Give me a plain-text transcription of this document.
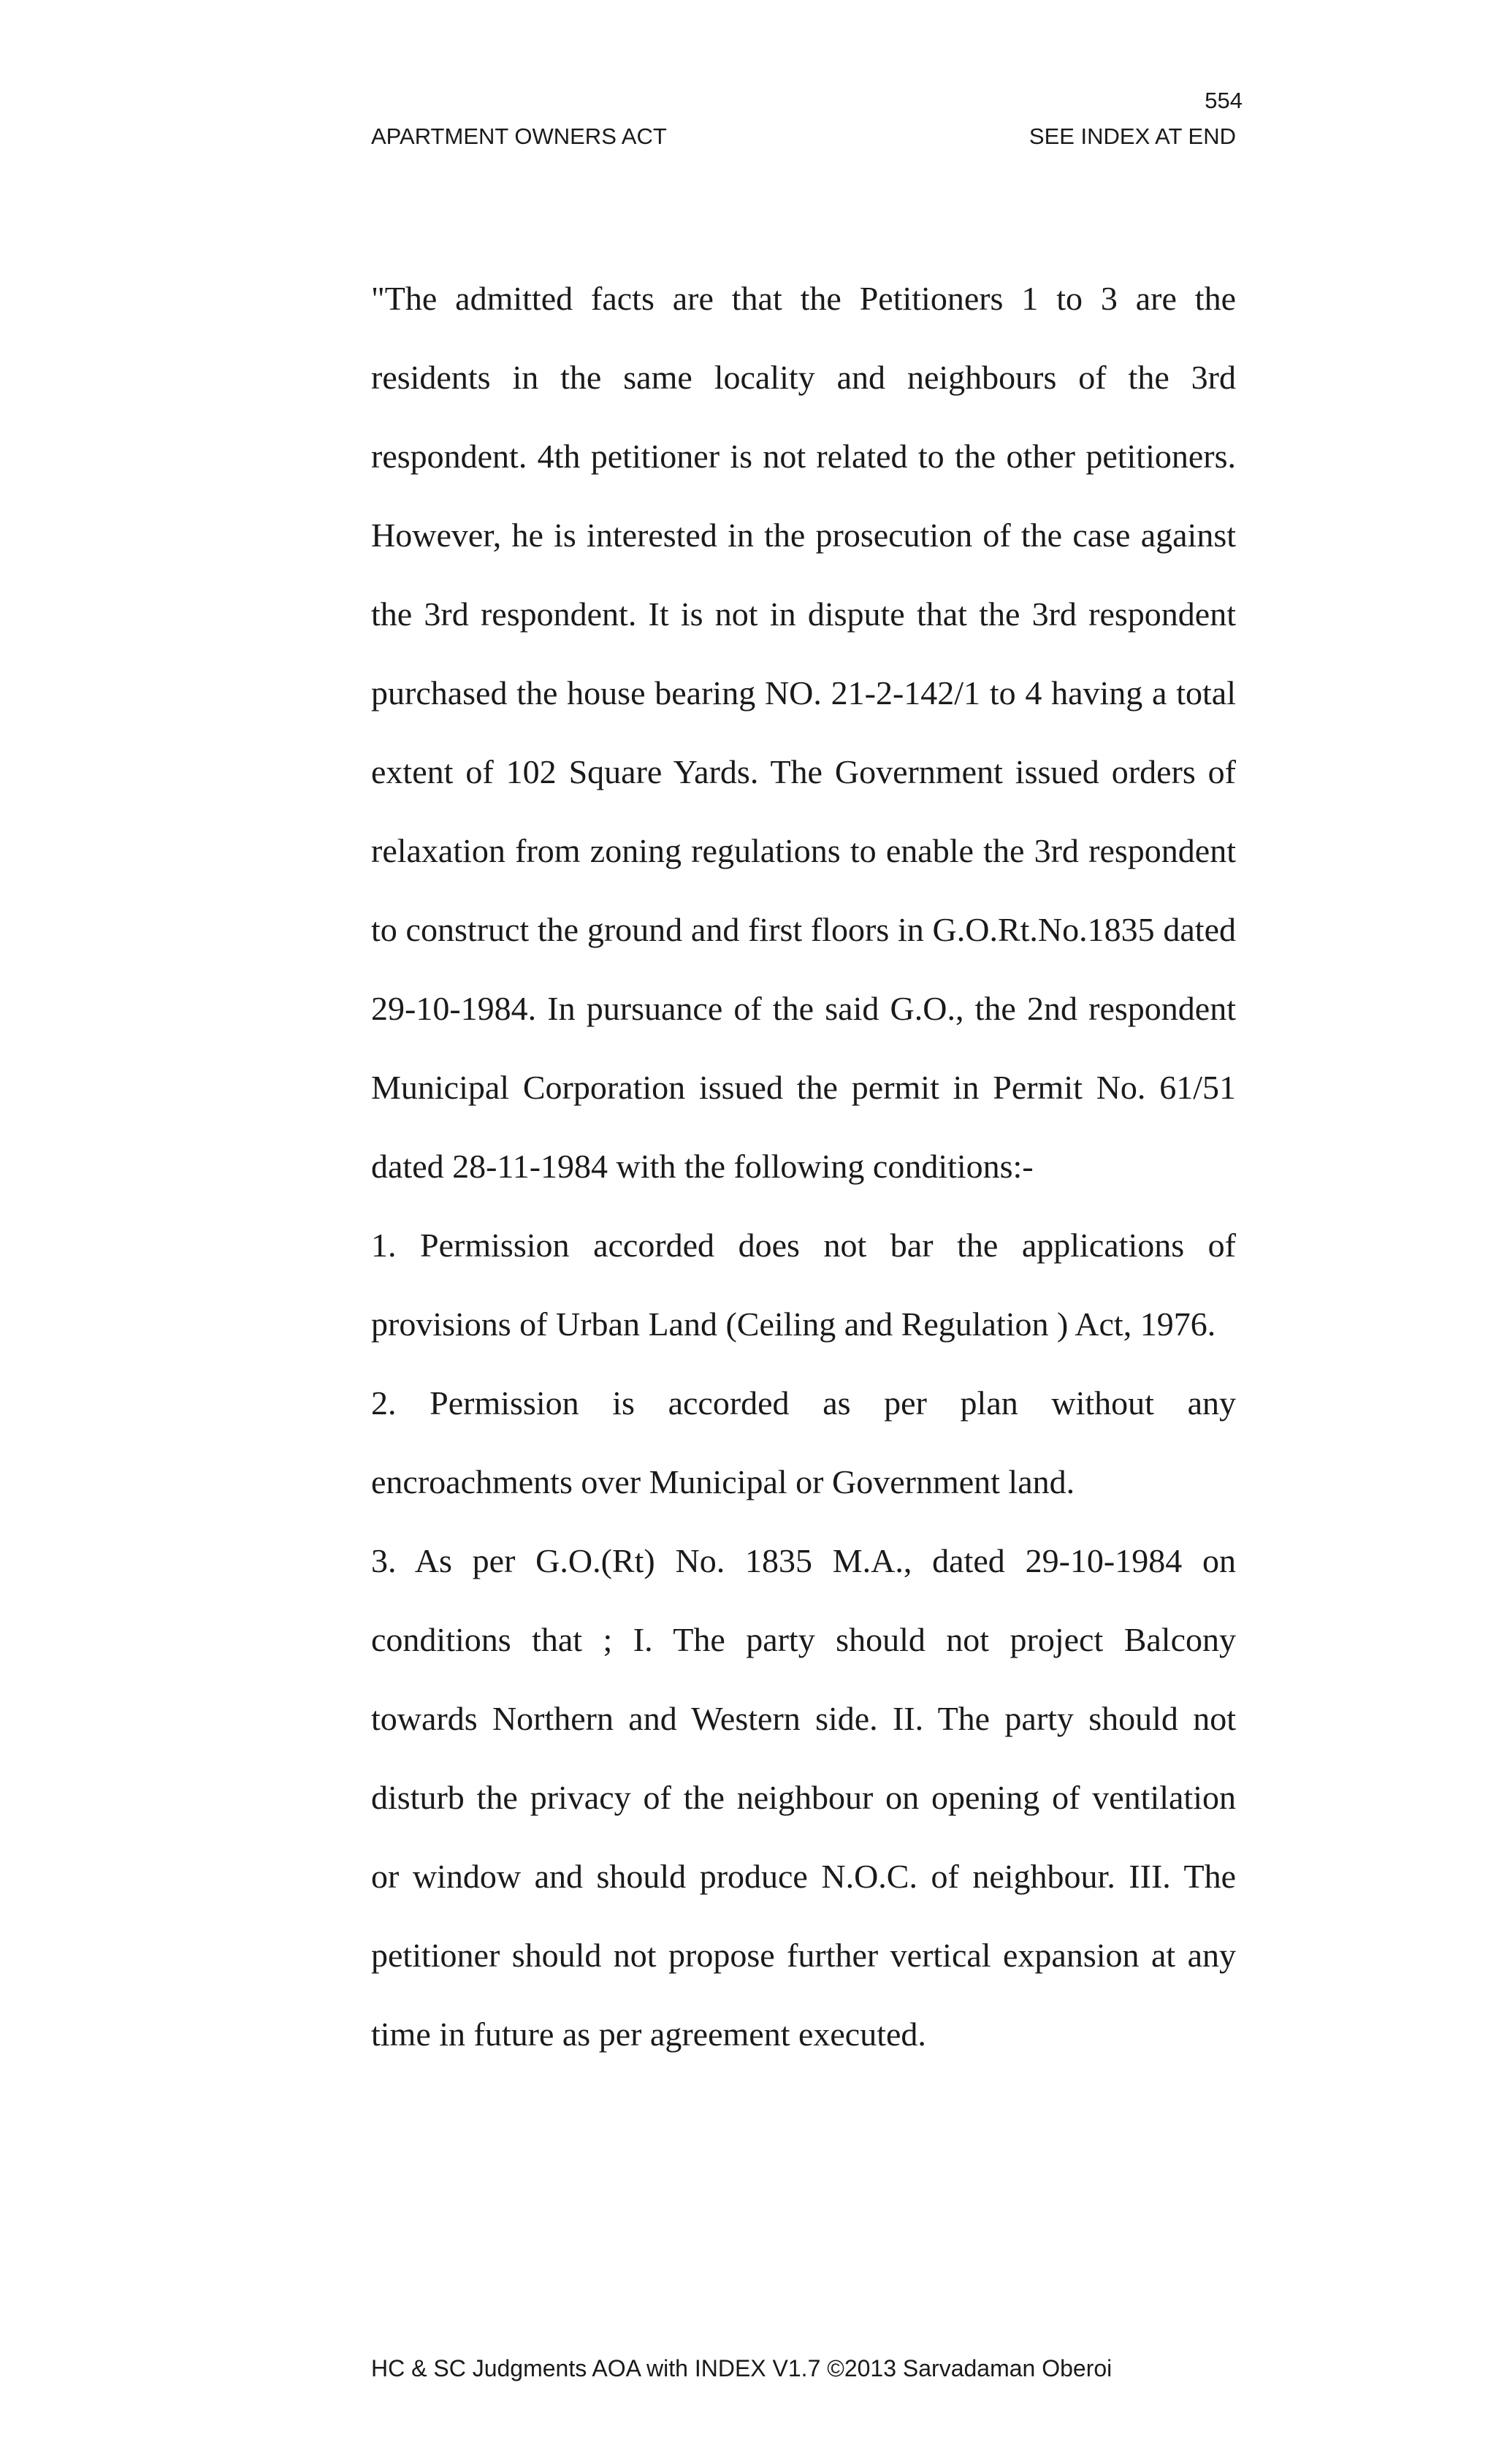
554
APARTMENT OWNERS ACT	SEE INDEX AT END

"The admitted facts are that the Petitioners 1 to 3 are the residents in the same locality and neighbours of the 3rd respondent. 4th petitioner is not related to the other petitioners. However, he is interested in the prosecution of the case against the 3rd respondent. It is not in dispute that the 3rd respondent purchased the house bearing NO. 21-2-142/1 to 4 having a total extent of 102 Square Yards. The Government issued orders of relaxation from zoning regulations to enable the 3rd respondent to construct the ground and first floors in G.O.Rt.No.1835 dated 29-10-1984. In pursuance of the said G.O., the 2nd respondent Municipal Corporation issued the permit in Permit No. 61/51 dated 28-11-1984 with the following conditions:-

1. Permission accorded does not bar the applications of provisions of Urban Land (Ceiling and Regulation ) Act, 1976.

2. Permission is accorded as per plan without any encroachments over Municipal or Government land.

3. As per G.O.(Rt) No. 1835 M.A., dated 29-10-1984 on conditions that ; I. The party should not project Balcony towards Northern and Western side. II. The party should not disturb the privacy of the neighbour on opening of ventilation or window and should produce N.O.C. of neighbour. III. The petitioner should not propose further vertical expansion at any time in future as per agreement executed.

HC & SC Judgments AOA with INDEX V1.7 ©2013 Sarvadaman Oberoi
